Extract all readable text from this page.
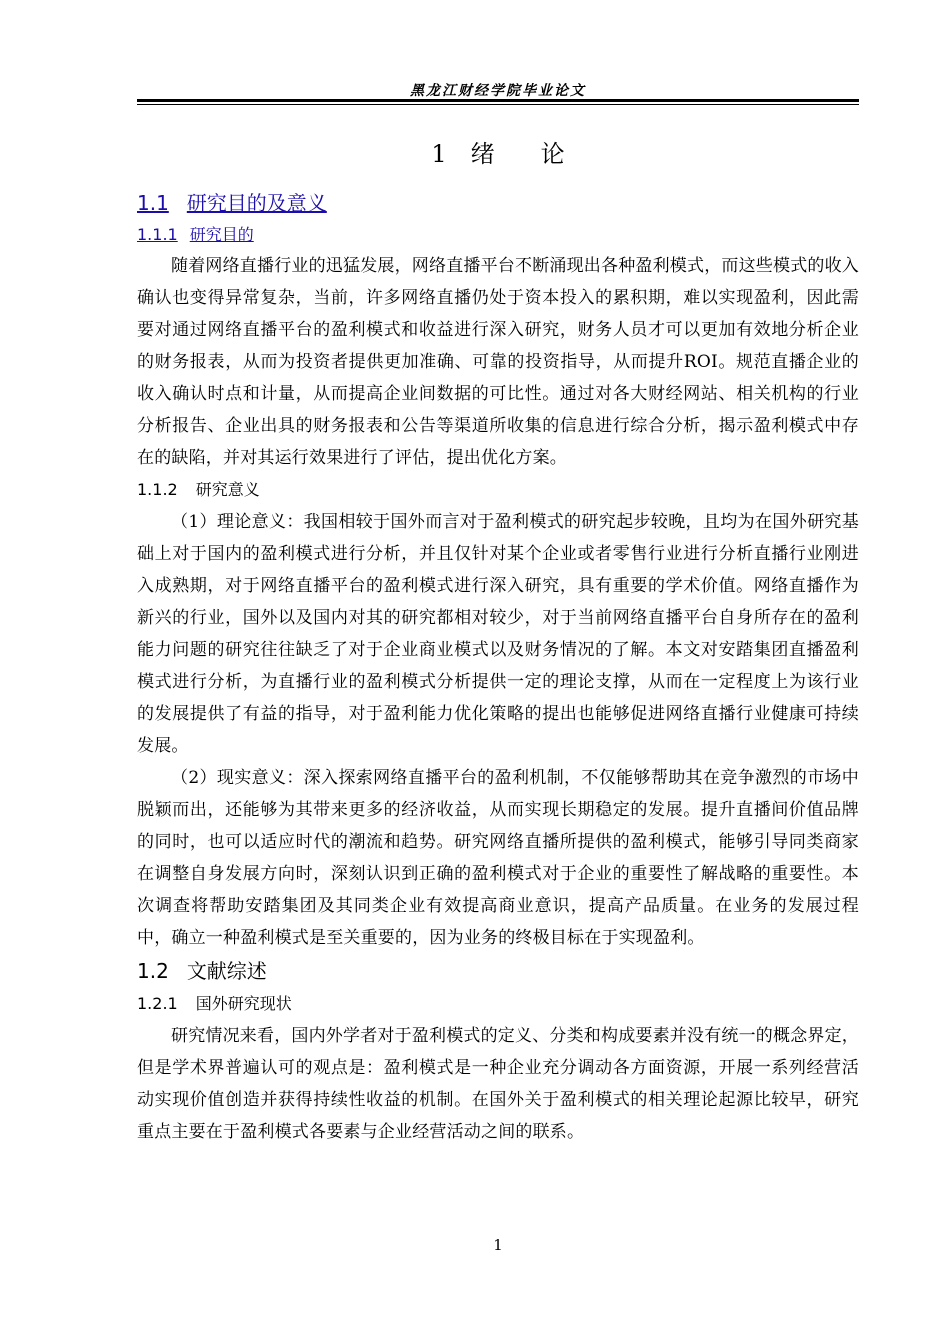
黑龙江财经学院毕业论文
1 绪 论
1.1 研究目的及意义
1.1.1 研究目的

随着网络直播行业的迅猛发展，网络直播平台不断涌现出各种盈利模式，而这些模式的收入确认也变得异常复杂，当前，许多网络直播仍处于资本投入的累积期，难以实现盈利，因此需要对通过网络直播平台的盈利模式和收益进行深入研究，财务人员才可以更加有效地分析企业的财务报表，从而为投资者提供更加准确、可靠的投资指导，从而提升ROI。规范直播企业的收入确认时点和计量，从而提高企业间数据的可比性。通过对各大财经网站、相关机构的行业分析报告、企业出具的财务报表和公告等渠道所收集的信息进行综合分析，揭示盈利模式中存在的缺陷，并对其运行效果进行了评估，提出优化方案。

1.1.2 研究意义

（1）理论意义：我国相较于国外而言对于盈利模式的研究起步较晚，且均为在国外研究基础上对于国内的盈利模式进行分析，并且仅针对某个企业或者零售行业进行分析直播行业刚进入成熟期，对于网络直播平台的盈利模式进行深入研究，具有重要的学术价值。网络直播作为新兴的行业，国外以及国内对其的研究都相对较少，对于当前网络直播平台自身所存在的盈利能力问题的研究往往缺乏了对于企业商业模式以及财务情况的了解。本文对安踏集团直播盈利模式进行分析，为直播行业的盈利模式分析提供一定的理论支撑，从而在一定程度上为该行业的发展提供了有益的指导，对于盈利能力优化策略的提出也能够促进网络直播行业健康可持续发展。

（2）现实意义：深入探索网络直播平台的盈利机制，不仅能够帮助其在竞争激烈的市场中脱颖而出，还能够为其带来更多的经济收益，从而实现长期稳定的发展。提升直播间价值品牌的同时，也可以适应时代的潮流和趋势。研究网络直播所提供的盈利模式，能够引导同类商家在调整自身发展方向时，深刻认识到正确的盈利模式对于企业的重要性了解战略的重要性。本次调查将帮助安踏集团及其同类企业有效提高商业意识，提高产品质量。在业务的发展过程中，确立一种盈利模式是至关重要的，因为业务的终极目标在于实现盈利。

1.2 文献综述
1.2.1 国外研究现状

研究情况来看，国内外学者对于盈利模式的定义、分类和构成要素并没有统一的概念界定，但是学术界普遍认可的观点是：盈利模式是一种企业充分调动各方面资源，开展一系列经营活动实现价值创造并获得持续性收益的机制。在国外关于盈利模式的相关理论起源比较早，研究重点主要在于盈利模式各要素与企业经营活动之间的联系。

1
